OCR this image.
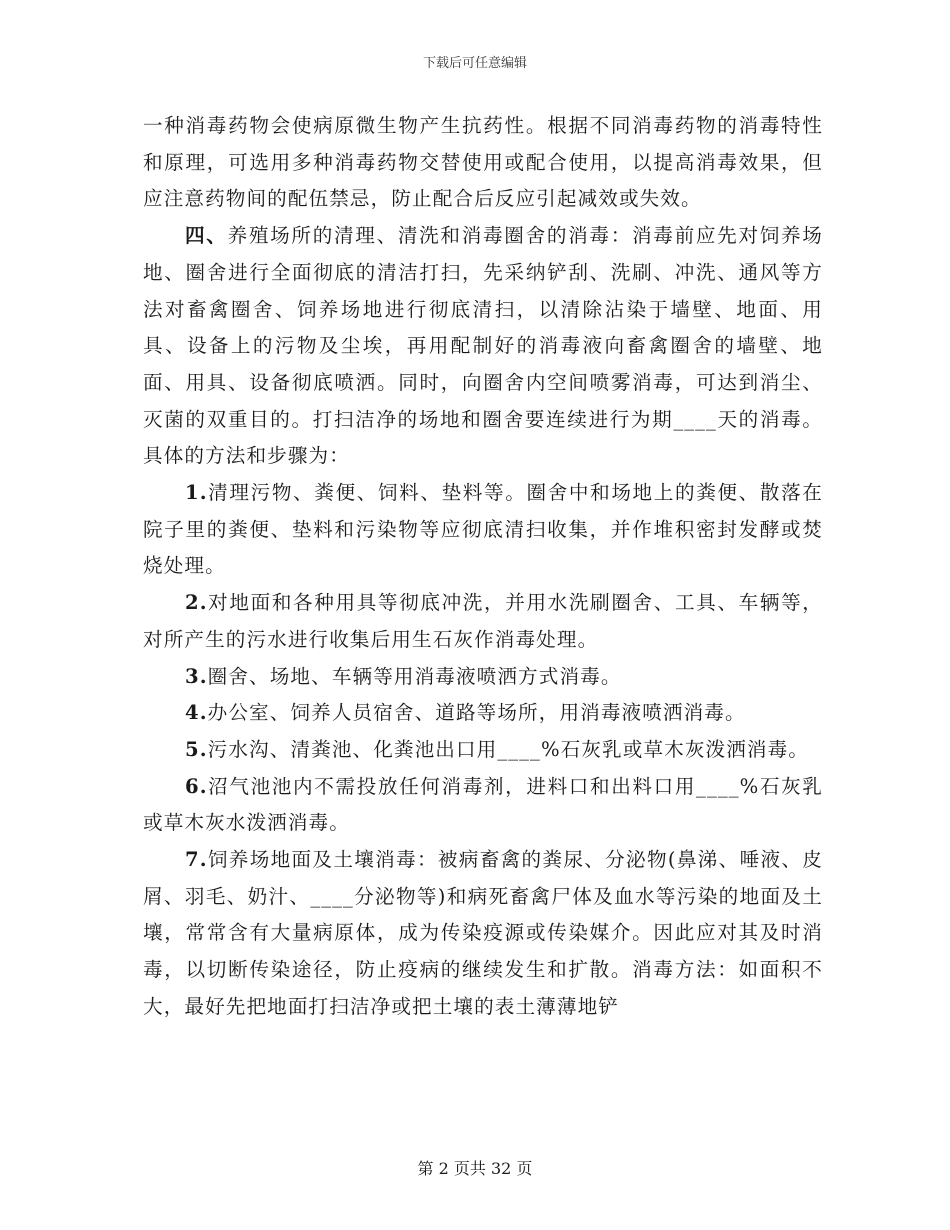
下载后可任意编辑

一种消毒药物会使病原微生物产生抗药性。根据不同消毒药物的消毒特性和原理，可选用多种消毒药物交替使用或配合使用，以提高消毒效果，但应注意药物间的配伍禁忌，防止配合后反应引起减效或失效。

四、养殖场所的清理、清洗和消毒圈舍的消毒：消毒前应先对饲养场地、圈舍进行全面彻底的清洁打扫，先采纳铲刮、洗刷、冲洗、通风等方法对畜禽圈舍、饲养场地进行彻底清扫，以清除沾染于墙壁、地面、用具、设备上的污物及尘埃，再用配制好的消毒液向畜禽圈舍的墙壁、地面、用具、设备彻底喷洒。同时，向圈舍内空间喷雾消毒，可达到消尘、灭菌的双重目的。打扫洁净的场地和圈舍要连续进行为期____天的消毒。具体的方法和步骤为：

1.清理污物、粪便、饲料、垫料等。圈舍中和场地上的粪便、散落在院子里的粪便、垫料和污染物等应彻底清扫收集，并作堆积密封发酵或焚烧处理。

2.对地面和各种用具等彻底冲洗，并用水洗刷圈舍、工具、车辆等，对所产生的污水进行收集后用生石灰作消毒处理。

3.圈舍、场地、车辆等用消毒液喷洒方式消毒。

4.办公室、饲养人员宿舍、道路等场所，用消毒液喷洒消毒。

5.污水沟、清粪池、化粪池出口用____%石灰乳或草木灰泼洒消毒。

6.沼气池池内不需投放任何消毒剂，进料口和出料口用____%石灰乳或草木灰水泼洒消毒。

7.饲养场地面及土壤消毒：被病畜禽的粪尿、分泌物(鼻涕、唾液、皮屑、羽毛、奶汁、____分泌物等)和病死畜禽尸体及血水等污染的地面及土壤，常常含有大量病原体，成为传染疫源或传染媒介。因此应对其及时消毒，以切断传染途径，防止疫病的继续发生和扩散。消毒方法：如面积不大，最好先把地面打扫洁净或把土壤的表土薄薄地铲

第 2 页共 32 页
